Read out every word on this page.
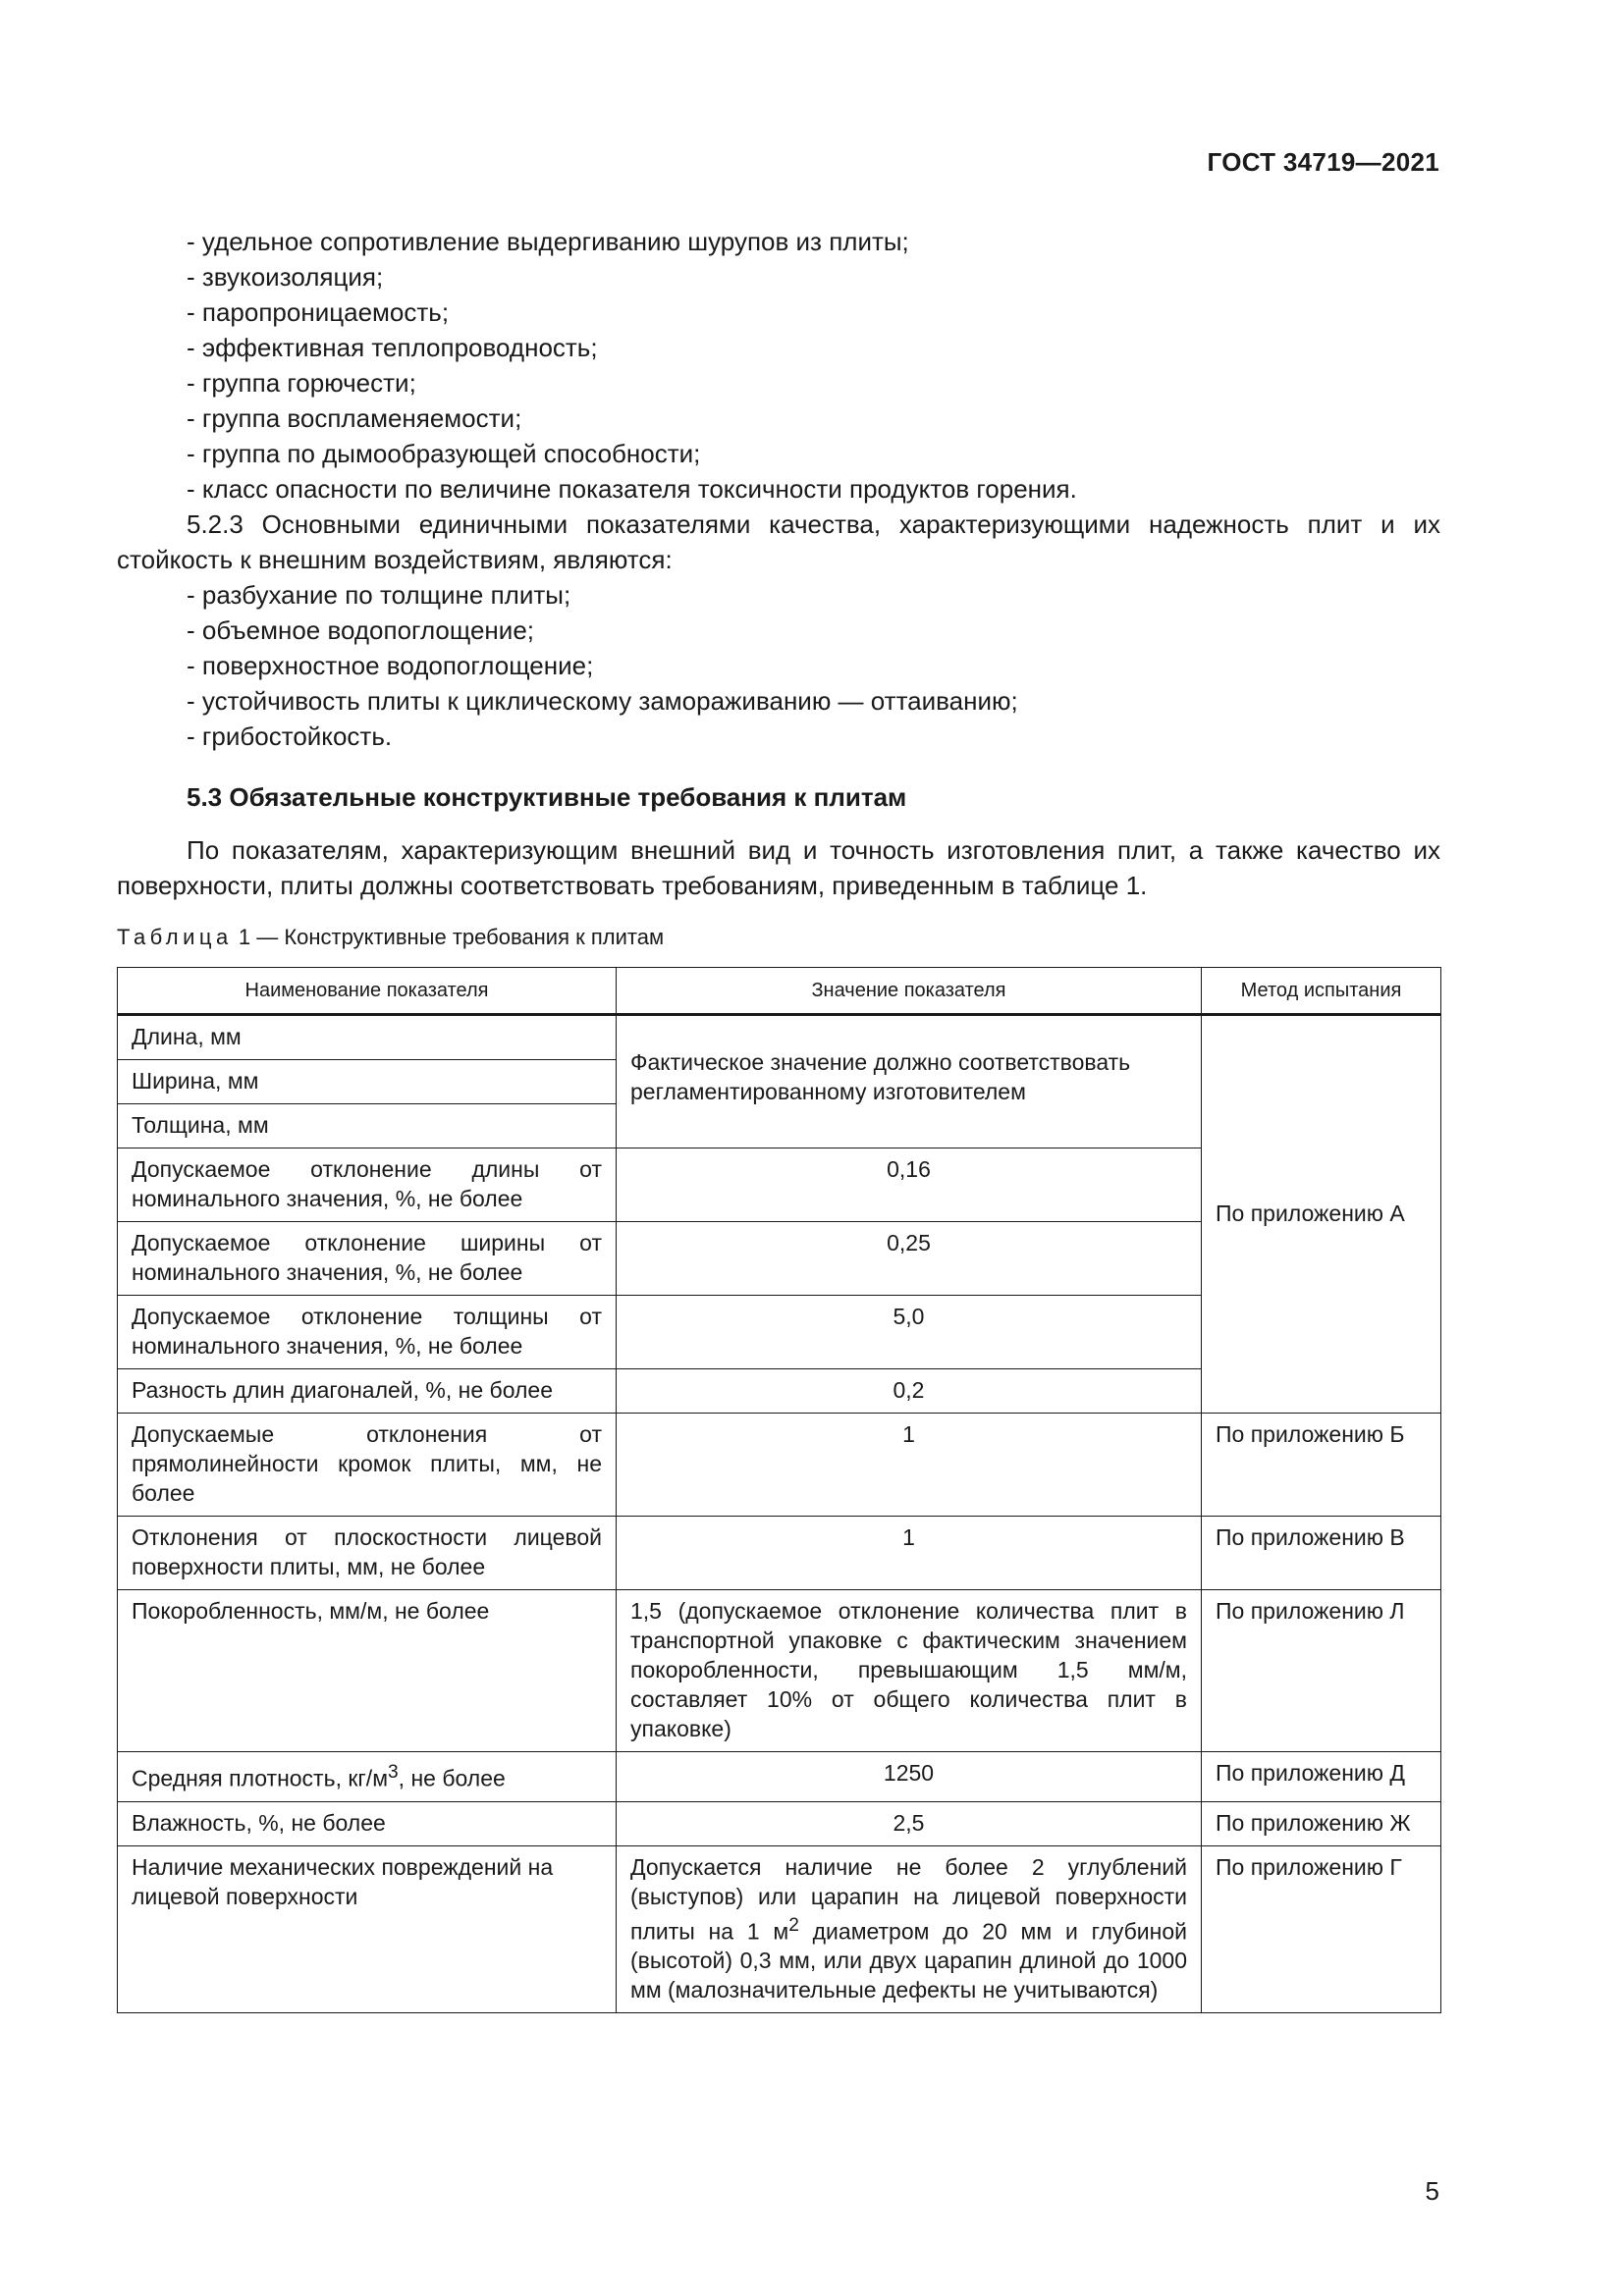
ГОСТ 34719—2021
- удельное сопротивление выдергиванию шурупов из плиты;
- звукоизоляция;
- паропроницаемость;
- эффективная теплопроводность;
- группа горючести;
- группа воспламеняемости;
- группа по дымообразующей способности;
- класс опасности по величине показателя токсичности продуктов горения.
5.2.3 Основными единичными показателями качества, характеризующими надежность плит и их стойкость к внешним воздействиям, являются:
- разбухание по толщине плиты;
- объемное водопоглощение;
- поверхностное водопоглощение;
- устойчивость плиты к циклическому замораживанию — оттаиванию;
- грибостойкость.
5.3 Обязательные конструктивные требования к плитам
По показателям, характеризующим внешний вид и точность изготовления плит, а также качество их поверхности, плиты должны соответствовать требованиям, приведенным в таблице 1.
Таблица 1 — Конструктивные требования к плитам
Наименование показателя	Значение показателя	Метод испытания
Длина, мм	Фактическое значение должно соответствовать регламентированному изготовителем	По приложению А
Ширина, мм		
Толщина, мм		
Допускаемое отклонение длины от номинального значения, %, не более	0,16	
Допускаемое отклонение ширины от номинального значения, %, не более	0,25	
Допускаемое отклонение толщины от номинального значения, %, не более	5,0	
Разность длин диагоналей, %, не более	0,2	
Допускаемые отклонения от прямолинейности кромок плиты, мм, не более	1	По приложению Б
Отклонения от плоскостности лицевой поверхности плиты, мм, не более	1	По приложению В
Покоробленность, мм/м, не более	1,5 (допускаемое отклонение количества плит в транспортной упаковке с фактическим значением покоробленности, превышающим 1,5 мм/м, составляет 10% от общего количества плит в упаковке)	По приложению Л
Средняя плотность, $кг/м^3$, не более	1250	По приложению Д
Влажность, %, не более	2,5	По приложению Ж
Наличие механических повреждений на лицевой поверхности	Допускается наличие не более 2 углублений (выступов) или царапин на лицевой поверхности плиты на 1 $м^2$ диаметром до 20 мм и глубиной (высотой) 0,3 мм, или двух царапин длиной до 1000 мм (малозначительные дефекты не учитываются)	По приложению Г
5
